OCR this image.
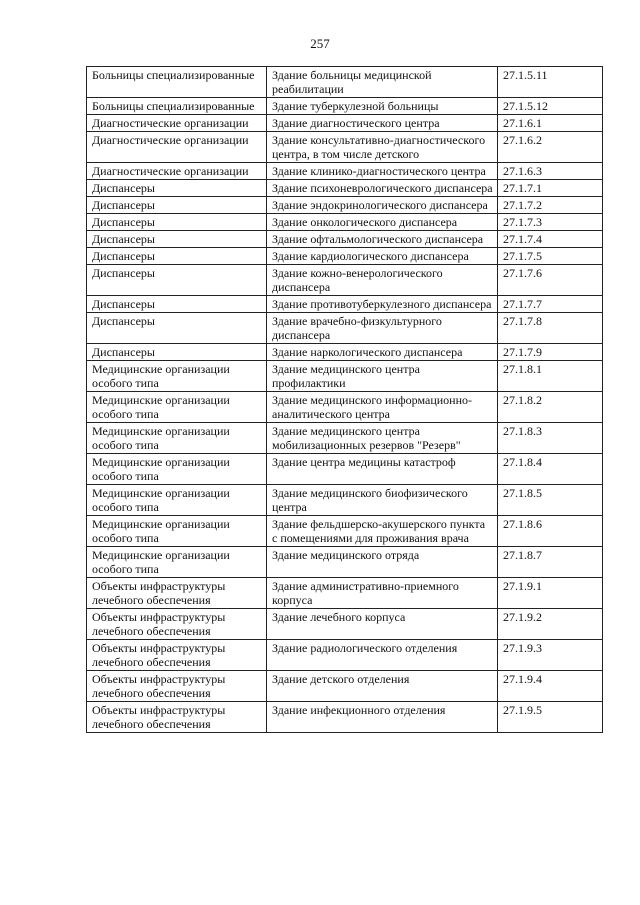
257
Больницы специализированные	Здание больницы медицинской реабилитации	27.1.5.11
Больницы специализированные	Здание туберкулезной больницы	27.1.5.12
Диагностические организации	Здание диагностического центра	27.1.6.1
Диагностические организации	Здание консультативно-диагностического центра, в том числе детского	27.1.6.2
Диагностические организации	Здание клинико-диагностического центра	27.1.6.3
Диспансеры	Здание психоневрологического диспансера	27.1.7.1
Диспансеры	Здание эндокринологического диспансера	27.1.7.2
Диспансеры	Здание онкологического диспансера	27.1.7.3
Диспансеры	Здание офтальмологического диспансера	27.1.7.4
Диспансеры	Здание кардиологического диспансера	27.1.7.5
Диспансеры	Здание кожно-венерологического диспансера	27.1.7.6
Диспансеры	Здание противотуберкулезного диспансера	27.1.7.7
Диспансеры	Здание врачебно-физкультурного диспансера	27.1.7.8
Диспансеры	Здание наркологического диспансера	27.1.7.9
Медицинские организации особого типа	Здание медицинского центра профилактики	27.1.8.1
Медицинские организации особого типа	Здание медицинского информационно-аналитического центра	27.1.8.2
Медицинские организации особого типа	Здание медицинского центра мобилизационных резервов "Резерв"	27.1.8.3
Медицинские организации особого типа	Здание центра медицины катастроф	27.1.8.4
Медицинские организации особого типа	Здание медицинского биофизического центра	27.1.8.5
Медицинские организации особого типа	Здание фельдшерско-акушерского пункта с помещениями для проживания врача	27.1.8.6
Медицинские организации особого типа	Здание медицинского отряда	27.1.8.7
Объекты инфраструктуры лечебного обеспечения	Здание административно-приемного корпуса	27.1.9.1
Объекты инфраструктуры лечебного обеспечения	Здание лечебного корпуса	27.1.9.2
Объекты инфраструктуры лечебного обеспечения	Здание радиологического отделения	27.1.9.3
Объекты инфраструктуры лечебного обеспечения	Здание детского отделения	27.1.9.4
Объекты инфраструктуры лечебного обеспечения	Здание инфекционного отделения	27.1.9.5
